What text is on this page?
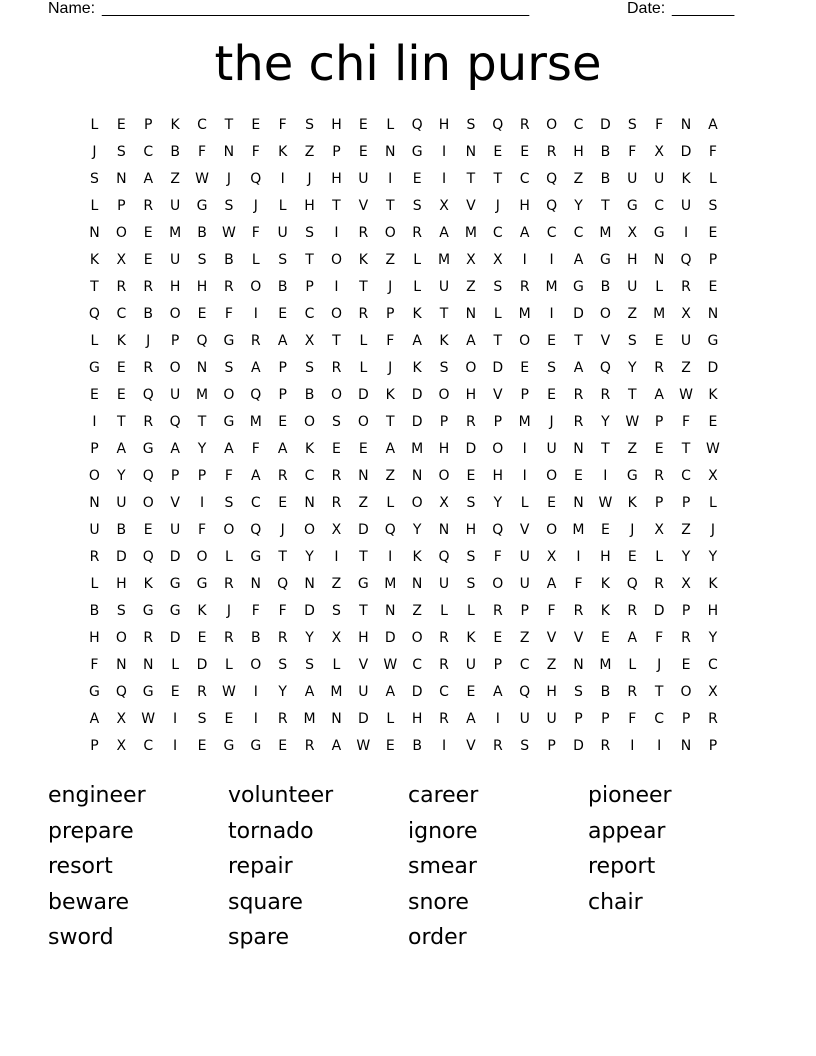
Name: ________________________________________________	Date: _______
the chi lin purse
L	E	P	K	C	T	E	F	S	H	E	L	Q	H	S	Q	R	O	C	D	S	F	N	A
J	S	C	B	F	N	F	K	Z	P	E	N	G	I	N	E	E	R	H	B	F	X	D	F
S	N	A	Z	W	J	Q	I	J	H	U	I	E	I	T	T	C	Q	Z	B	U	U	K	L
L	P	R	U	G	S	J	L	H	T	V	T	S	X	V	J	H	Q	Y	T	G	C	U	S
N	O	E	M	B	W	F	U	S	I	R	O	R	A	M	C	A	C	C	M	X	G	I	E
K	X	E	U	S	B	L	S	T	O	K	Z	L	M	X	X	I	I	A	G	H	N	Q	P
T	R	R	H	H	R	O	B	P	I	T	J	L	U	Z	S	R	M	G	B	U	L	R	E
Q	C	B	O	E	F	I	E	C	O	R	P	K	T	N	L	M	I	D	O	Z	M	X	N
L	K	J	P	Q	G	R	A	X	T	L	F	A	K	A	T	O	E	T	V	S	E	U	G
G	E	R	O	N	S	A	P	S	R	L	J	K	S	O	D	E	S	A	Q	Y	R	Z	D
E	E	Q	U	M	O	Q	P	B	O	D	K	D	O	H	V	P	E	R	R	T	A	W	K
I	T	R	Q	T	G	M	E	O	S	O	T	D	P	R	P	M	J	R	Y	W	P	F	E
P	A	G	A	Y	A	F	A	K	E	E	A	M	H	D	O	I	U	N	T	Z	E	T	W
O	Y	Q	P	P	F	A	R	C	R	N	Z	N	O	E	H	I	O	E	I	G	R	C	X
N	U	O	V	I	S	C	E	N	R	Z	L	O	X	S	Y	L	E	N	W	K	P	P	L
U	B	E	U	F	O	Q	J	O	X	D	Q	Y	N	H	Q	V	O	M	E	J	X	Z	J
R	D	Q	D	O	L	G	T	Y	I	T	I	K	Q	S	F	U	X	I	H	E	L	Y	Y
L	H	K	G	G	R	N	Q	N	Z	G	M	N	U	S	O	U	A	F	K	Q	R	X	K
B	S	G	G	K	J	F	F	D	S	T	N	Z	L	L	R	P	F	R	K	R	D	P	H
H	O	R	D	E	R	B	R	Y	X	H	D	O	R	K	E	Z	V	V	E	A	F	R	Y
F	N	N	L	D	L	O	S	S	L	V	W	C	R	U	P	C	Z	N	M	L	J	E	C
G	Q	G	E	R	W	I	Y	A	M	U	A	D	C	E	A	Q	H	S	B	R	T	O	X
A	X	W	I	S	E	I	R	M	N	D	L	H	R	A	I	U	U	P	P	F	C	P	R
P	X	C	I	E	G	G	E	R	A	W	E	B	I	V	R	S	P	D	R	I	I	N	P
engineer	volunteer	career	pioneer
prepare	tornado	ignore	appear
resort	repair	smear	report
beware	square	snore	chair
sword	spare	order
